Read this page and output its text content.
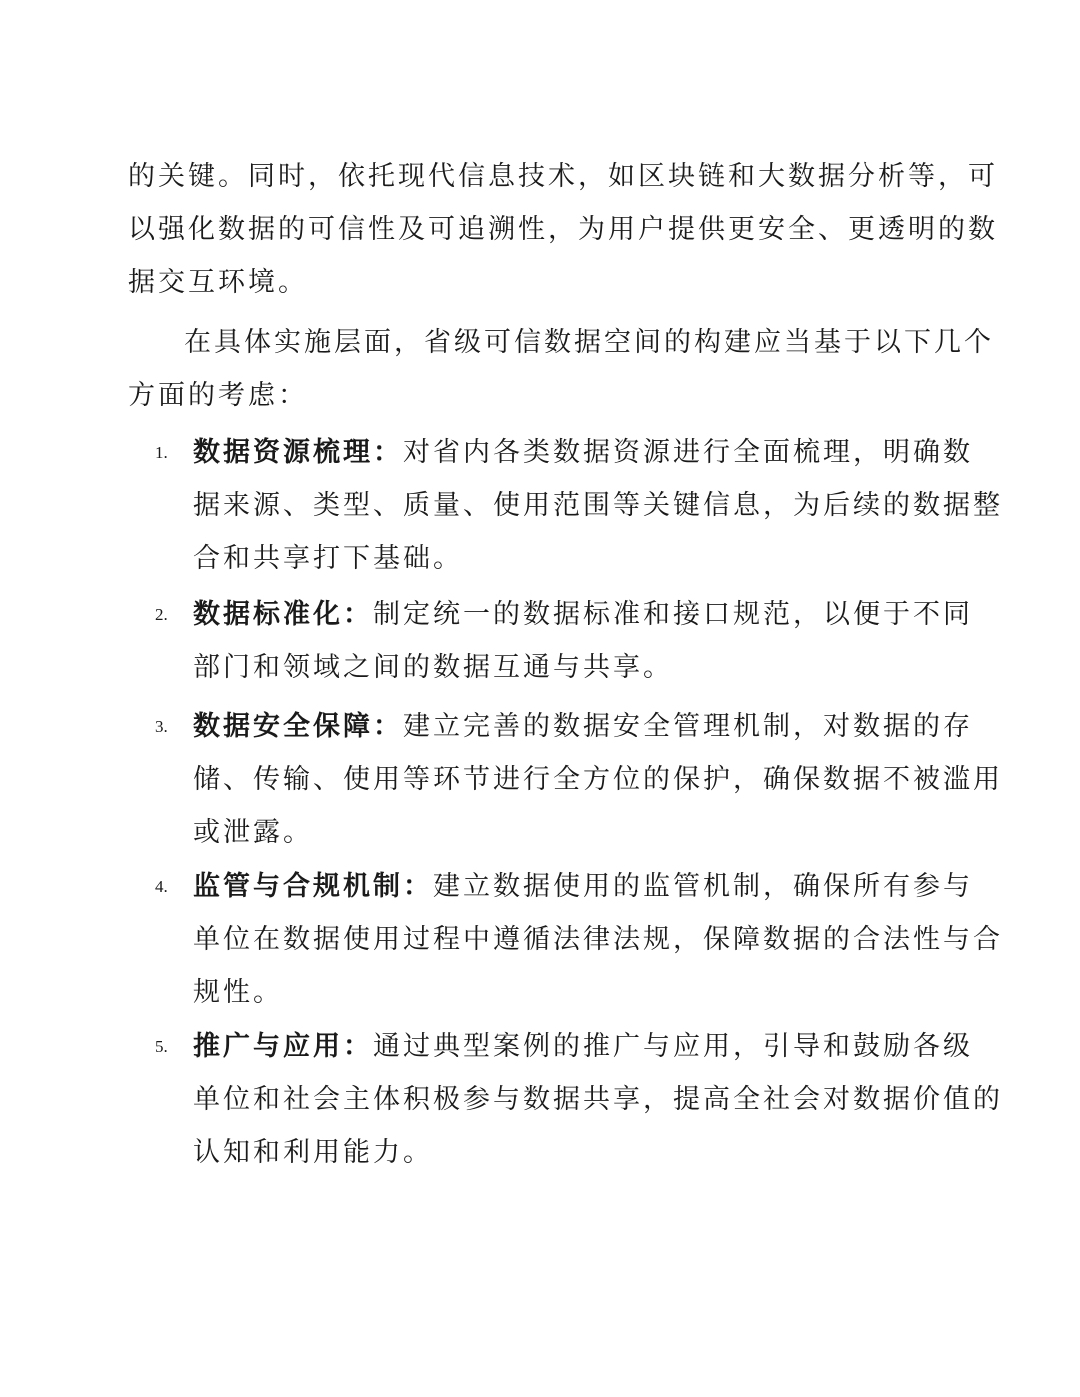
的关键。同时，依托现代信息技术，如区块链和大数据分析等，可
以强化数据的可信性及可追溯性，为用户提供更安全、更透明的数
据交互环境。
在具体实施层面，省级可信数据空间的构建应当基于以下几个
方面的考虑：
1. 数据资源梳理：对省内各类数据资源进行全面梳理，明确数
据来源、类型、质量、使用范围等关键信息，为后续的数据整
合和共享打下基础。
2. 数据标准化：制定统一的数据标准和接口规范，以便于不同
部门和领域之间的数据互通与共享。
3. 数据安全保障：建立完善的数据安全管理机制，对数据的存
储、传输、使用等环节进行全方位的保护，确保数据不被滥用
或泄露。
4. 监管与合规机制：建立数据使用的监管机制，确保所有参与
单位在数据使用过程中遵循法律法规，保障数据的合法性与合
规性。
5. 推广与应用：通过典型案例的推广与应用，引导和鼓励各级
单位和社会主体积极参与数据共享，提高全社会对数据价值的
认知和利用能力。
